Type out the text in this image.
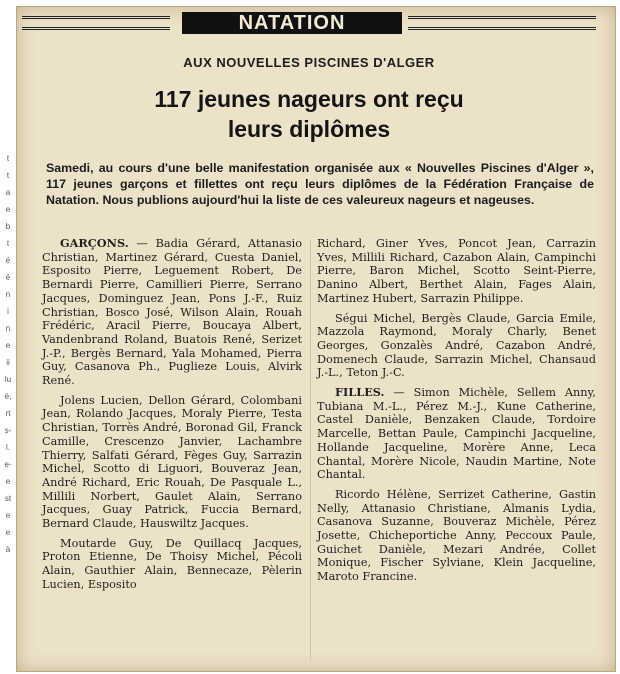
t
t
a
e
b
t
é
é
n
i
n
e
ii
lu
é,
rt
s-
l.
e-
e
st
e
e
à
NATATION
AUX NOUVELLES PISCINES D'ALGER
117 jeunes nageurs ont reçu
leurs diplômes
Samedi, au cours d'une belle manifestation organisée aux « Nouvelles Piscines d'Alger », 117 jeunes garçons et fillettes ont reçu leurs diplômes de la Fédération Française de Natation. Nous publions aujourd'hui la liste de ces valeureux nageurs et nageuses.

GARÇONS. — Badia Gérard, Attanasio Christian, Martinez Gérard, Cuesta Daniel, Esposito Pierre, Leguement Robert, De Bernardi Pierre, Camillieri Pierre, Serrano Jacques, Dominguez Jean, Pons J.-F., Ruiz Christian, Bosco José, Wilson Alain, Rouah Frédéric, Aracil Pierre, Boucaya Albert, Vandenbrand Roland, Buatois René, Serizet J.-P., Bergès Bernard, Yala Mohamed, Pierra Guy, Casanova Ph., Puglieze Louis, Alvirk René.

Jolens Lucien, Dellon Gérard, Colombani Jean, Rolando Jacques, Moraly Pierre, Testa Christian, Torrès André, Boronad Gil, Franck Camille, Crescenzo Janvier, Lachambre Thierry, Salfati Gérard, Fèges Guy, Sarrazin Michel, Scotto di Liguori, Bouveraz Jean, André Richard, Eric Rouah, De Pasquale L., Millili Norbert, Gaulet Alain, Serrano Jacques, Guay Patrick, Fuccia Bernard, Bernard Claude, Hauswiltz Jacques.

Moutarde Guy, De Quillacq Jacques, Proton Etienne, De Thoisy Michel, Pécoli Alain, Gauthier Alain, Bennecaze, Pèlerin Lucien, Esposito

Richard, Giner Yves, Poncot Jean, Carrazin Yves, Millili Richard, Cazabon Alain, Campinchi Pierre, Baron Michel, Scotto Seint-Pierre, Danino Albert, Berthet Alain, Fages Alain, Martinez Hubert, Sarrazin Philippe.

Ségui Michel, Bergès Claude, Garcia Emile, Mazzola Raymond, Moraly Charly, Benet Georges, Gonzalès André, Cazabon André, Domenech Claude, Sarrazin Michel, Chansaud J.-L., Teton J.-C.

FILLES. — Simon Michèle, Sellem Anny, Tubiana M.-L., Pérez M.-J., Kune Catherine, Castel Danièle, Benzaken Claude, Tordoire Marcelle, Bettan Paule, Campinchi Jacqueline, Hollande Jacqueline, Morère Anne, Leca Chantal, Morère Nicole, Naudin Martine, Note Chantal.

Ricordo Hélène, Serrizet Catherine, Gastin Nelly, Attanasio Christiane, Almanis Lydia, Casanova Suzanne, Bouveraz Michèle, Pérez Josette, Chicheportiche Anny, Peccoux Paule, Guichet Danièle, Mezari Andrée, Collet Monique, Fischer Sylviane, Klein Jacqueline, Maroto Francine.
